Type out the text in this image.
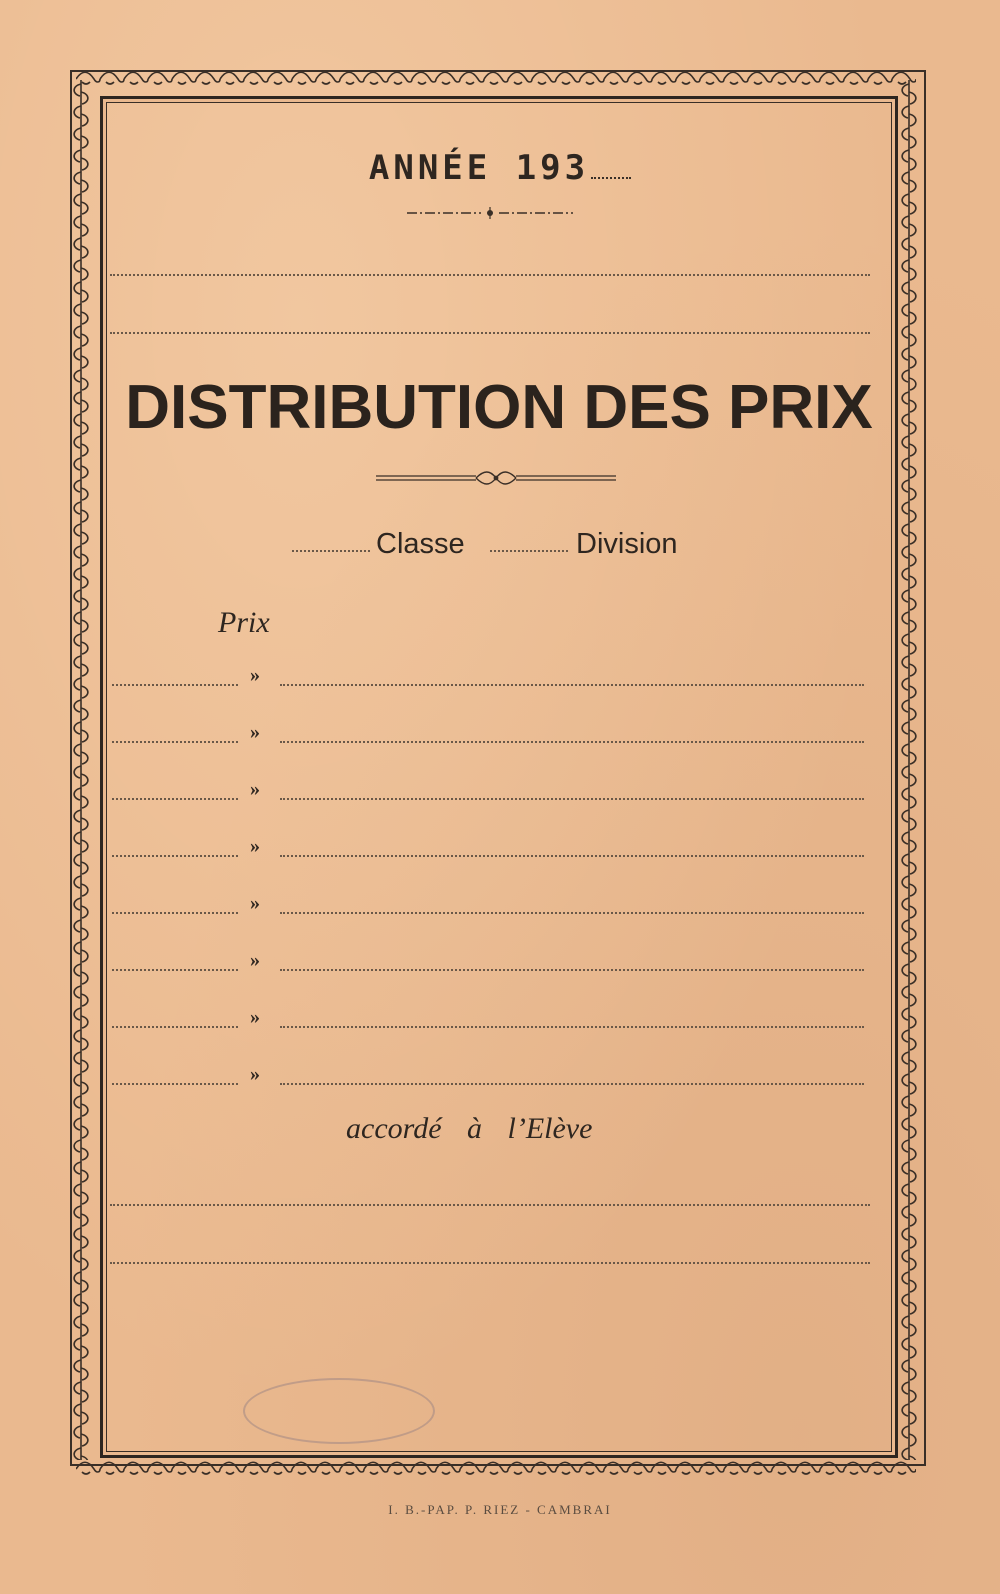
ANNÉE 193
DISTRIBUTION DES PRIX
Classe	Division
Prix
»
»
»
»
»
»
»
»
accordé à l’Elève
I. B.-PAP. P. RIEZ - CAMBRAI
